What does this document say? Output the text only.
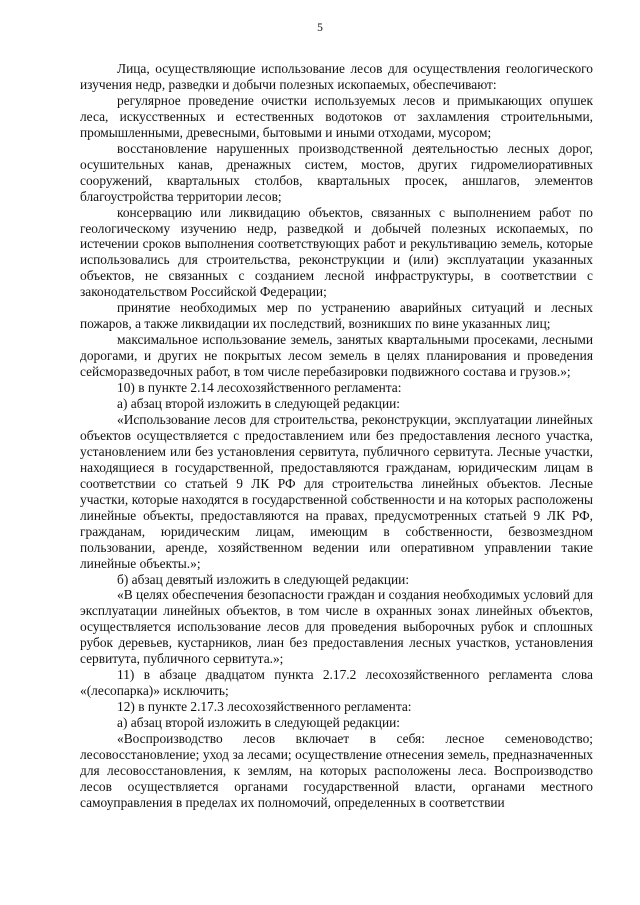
5

Лица, осуществляющие использование лесов для осуществления геологического изучения недр, разведки и добычи полезных ископаемых, обеспечивают:

регулярное проведение очистки используемых лесов и примыкающих опушек леса, искусственных и естественных водотоков от захламления строительными, промышленными, древесными, бытовыми и иными отходами, мусором;

восстановление нарушенных производственной деятельностью лесных дорог, осушительных канав, дренажных систем, мостов, других гидромелиоративных сооружений, квартальных столбов, квартальных просек, аншлагов, элементов благоустройства территории лесов;

консервацию или ликвидацию объектов, связанных с выполнением работ по геологическому изучению недр, разведкой и добычей полезных ископаемых, по истечении сроков выполнения соответствующих работ и рекультивацию земель, которые использовались для строительства, реконструкции и (или) эксплуатации указанных объектов, не связанных с созданием лесной инфраструктуры, в соответствии с законодательством Российской Федерации;

принятие необходимых мер по устранению аварийных ситуаций и лесных пожаров, а также ликвидации их последствий, возникших по вине указанных лиц;

максимальное использование земель, занятых квартальными просеками, лесными дорогами, и других не покрытых лесом земель в целях планирования и проведения сейсморазведочных работ, в том числе перебазировки подвижного состава и грузов.»;

10) в пункте 2.14 лесохозяйственного регламента:

а) абзац второй изложить в следующей редакции:

«Использование лесов для строительства, реконструкции, эксплуатации линейных объектов осуществляется с предоставлением или без предоставления лесного участка, установлением или без установления сервитута, публичного сервитута. Лесные участки, находящиеся в государственной, предоставляются гражданам, юридическим лицам в соответствии со статьей 9 ЛК РФ для строительства линейных объектов. Лесные участки, которые находятся в государственной собственности и на которых расположены линейные объекты, предоставляются на правах, предусмотренных статьей 9 ЛК РФ, гражданам, юридическим лицам, имеющим в собственности, безвозмездном пользовании, аренде, хозяйственном ведении или оперативном управлении такие линейные объекты.»;

б) абзац девятый изложить в следующей редакции:

«В целях обеспечения безопасности граждан и создания необходимых условий для эксплуатации линейных объектов, в том числе в охранных зонах линейных объектов, осуществляется использование лесов для проведения выборочных рубок и сплошных рубок деревьев, кустарников, лиан без предоставления лесных участков, установления сервитута, публичного сервитута.»;

11) в абзаце двадцатом пункта 2.17.2 лесохозяйственного регламента слова «(лесопарка)» исключить;

12) в пункте 2.17.3 лесохозяйственного регламента:

а) абзац второй изложить в следующей редакции:

«Воспроизводство лесов включает в себя: лесное семеноводство; лесовосстановление; уход за лесами; осуществление отнесения земель, предназначенных для лесовосстановления, к землям, на которых расположены леса. Воспроизводство лесов осуществляется органами государственной власти, органами местного самоуправления в пределах их полномочий, определенных в соответствии
